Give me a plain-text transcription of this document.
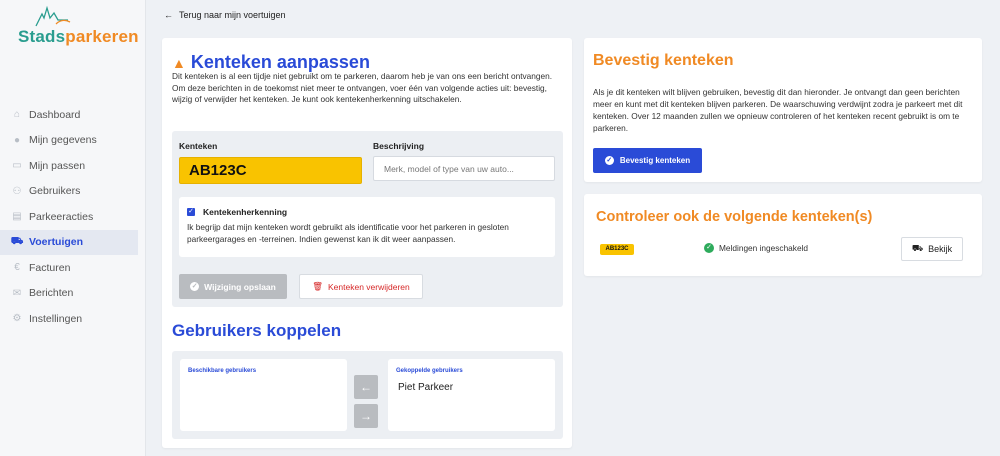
Stadsparkeren
⌂ Dashboard
● Mijn gegevens
▭ Mijn passen
⚇ Gebruikers
▤ Parkeeracties
⛟ Voertuigen
€ Facturen
✉ Berichten
⚙ Instellingen
← Terug naar mijn voertuigen
▲ Kenteken aanpassen
Dit kenteken is al een tijdje niet gebruikt om te parkeren, daarom heb je van ons een bericht ontvangen. Om deze berichten in de toekomst niet meer te ontvangen, voer één van volgende acties uit: bevestig, wijzig of verwijder het kenteken. Je kunt ook kentekenherkenning uitschakelen.
Kenteken
AB123C
Beschrijving
Merk, model of type van uw auto...
✓ Kentekenherkenning
Ik begrijp dat mijn kenteken wordt gebruikt als identificatie voor het parkeren in gesloten parkeergarages en -terreinen. Indien gewenst kan ik dit weer aanpassen.
✓ Wijziging opslaan	🗑 Kenteken verwijderen
Gebruikers koppelen
Beschikbare gebruikers
←
→
Gekoppelde gebruikers
Piet Parkeer
Bevestig kenteken
Als je dit kenteken wilt blijven gebruiken, bevestig dit dan hieronder. Je ontvangt dan geen berichten meer en kunt met dit kenteken blijven parkeren. De waarschuwing verdwijnt zodra je parkeert met dit kenteken. Over 12 maanden zullen we opnieuw controleren of het kenteken recent gebruikt is om te parkeren.
✓ Bevestig kenteken
Controleer ook de volgende kenteken(s)
AB123C	✓ Meldingen ingeschakeld	⛟ Bekijk
